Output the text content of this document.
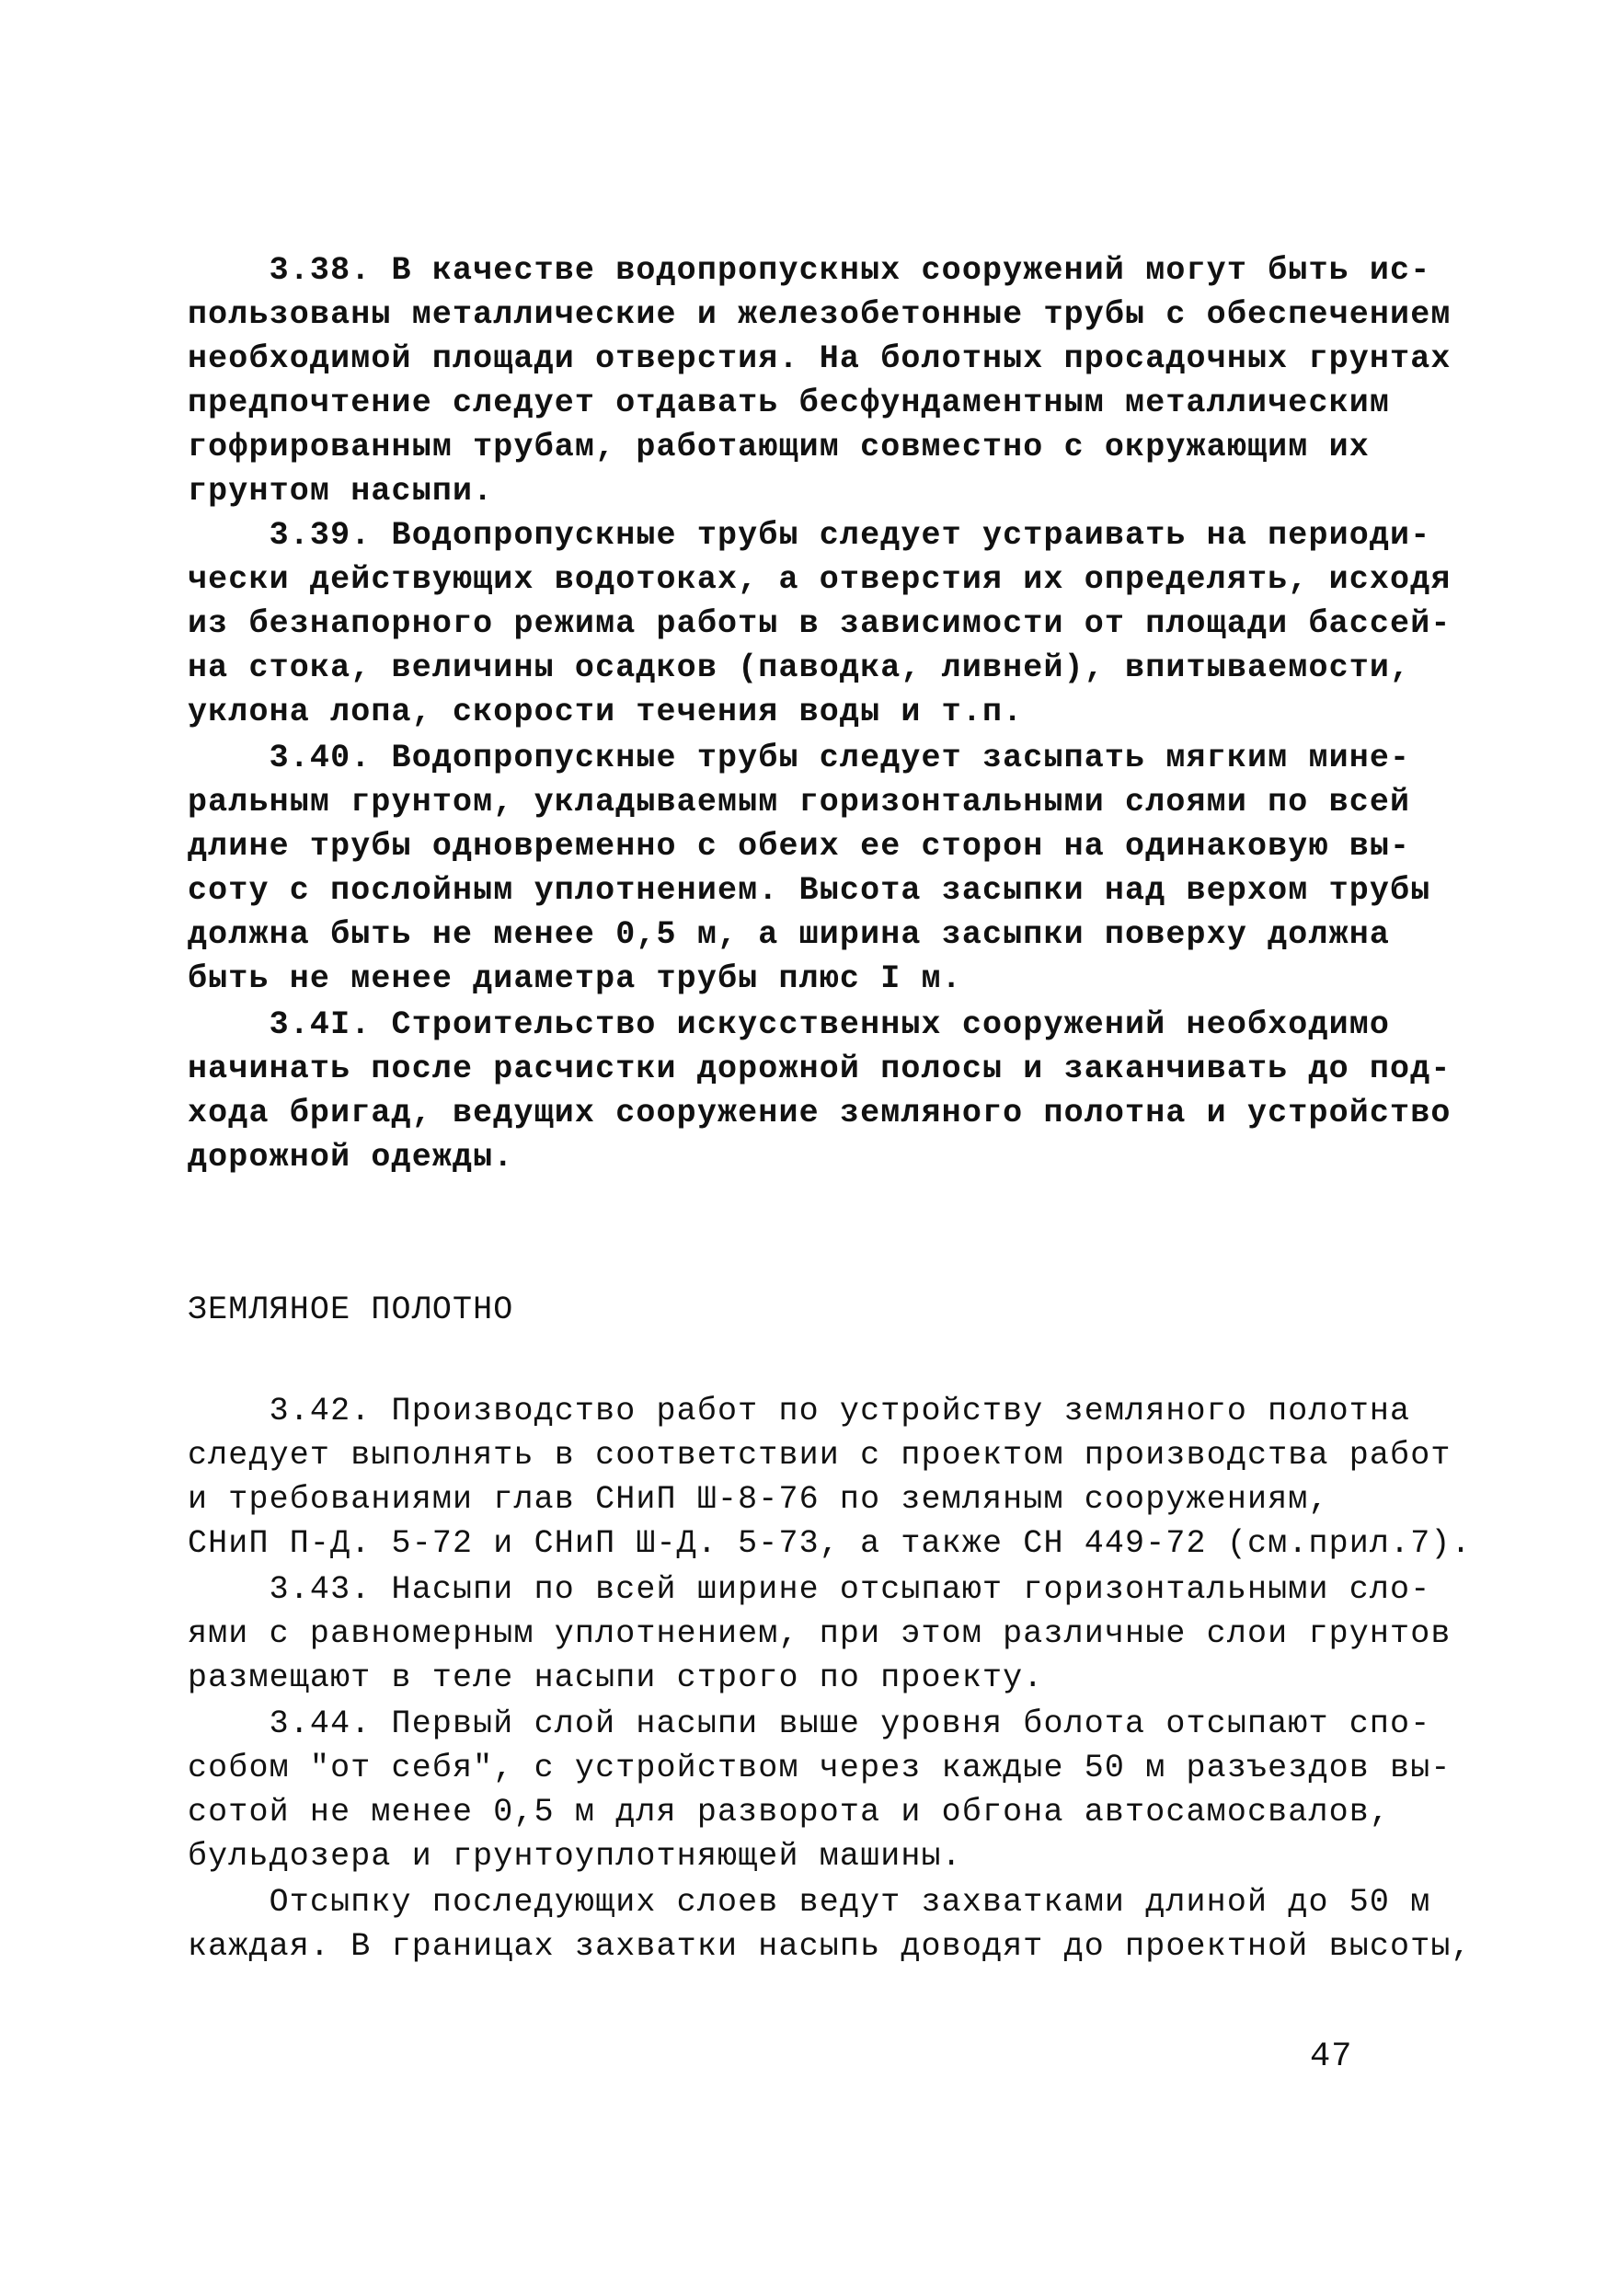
3.38. В качестве водопропускных сооружений могут быть ис-
пользованы металлические и железобетонные трубы с обеспечением
необходимой площади отверстия. На болотных просадочных грунтах
предпочтение следует отдавать бесфундаментным металлическим
гофрированным трубам, работающим совместно с окружающим их
грунтом насыпи.
3.39. Водопропускные трубы следует устраивать на периоди-
чески действующих водотоках, а отверстия их определять, исходя
из безнапорного режима работы в зависимости от площади бассей-
на стока, величины осадков (паводка, ливней), впитываемости,
уклона лопа, скорости течения воды и т.п.
3.40. Водопропускные трубы следует засыпать мягким мине-
ральным грунтом, укладываемым горизонтальными слоями по всей
длине трубы одновременно с обеих ее сторон на одинаковую вы-
соту с послойным уплотнением. Высота засыпки над верхом трубы
должна быть не менее 0,5 м, а ширина засыпки поверху должна
быть не менее диаметра трубы плюс I м.
3.4I. Строительство искусственных сооружений необходимо
начинать после расчистки дорожной полосы и заканчивать до под-
хода бригад, ведущих сооружение земляного полотна и устройство
дорожной одежды.
ЗЕМЛЯНОЕ ПОЛОТНО
3.42. Производство работ по устройству земляного полотна
следует выполнять в соответствии с проектом производства работ
и требованиями глав СНиП Ш-8-76 по земляным сооружениям,
СНиП П-Д. 5-72 и СНиП Ш-Д. 5-73, а также СН 449-72 (см.прил.7).
3.43. Насыпи по всей ширине отсыпают горизонтальными сло-
ями с равномерным уплотнением, при этом различные слои грунтов
размещают в теле насыпи строго по проекту.
3.44. Первый слой насыпи выше уровня болота отсыпают спо-
собом "от себя", с устройством через каждые 50 м разъездов вы-
сотой не менее 0,5 м для разворота и обгона автосамосвалов,
бульдозера и грунтоуплотняющей машины.
Отсыпку последующих слоев ведут захватками длиной до 50 м
каждая. В границах захватки насыпь доводят до проектной высоты,
47
